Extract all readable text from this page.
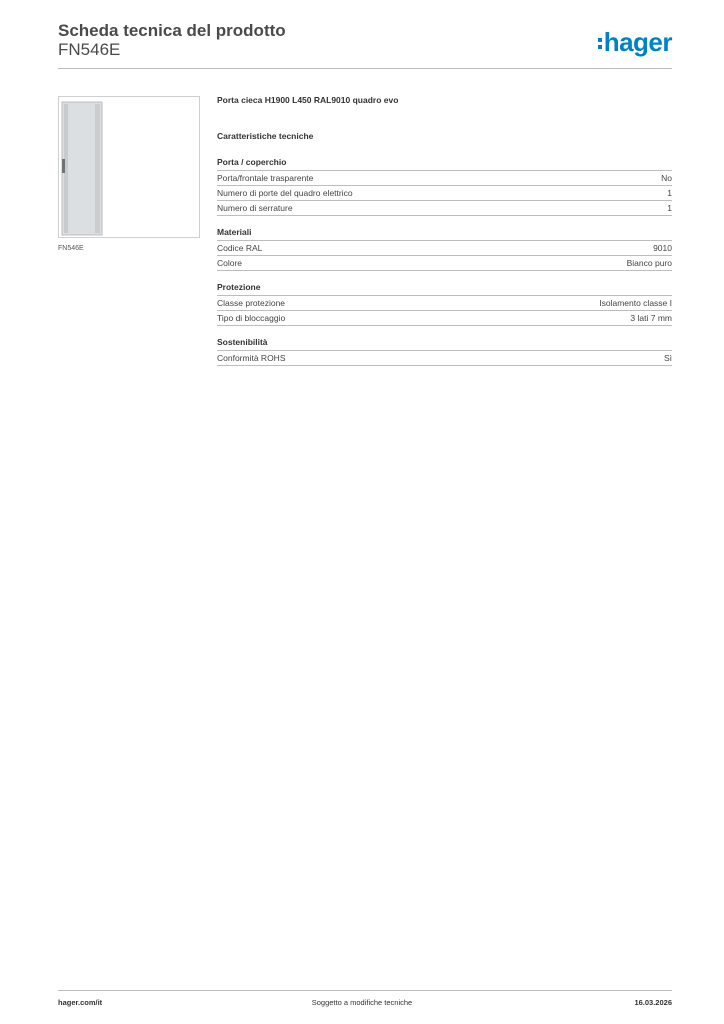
Scheda tecnica del prodotto
FN546E	hager
FN546E
Porta cieca H1900 L450 RAL9010 quadro evo
Caratteristiche tecniche
Porta / coperchio
Porta/frontale trasparente	No
Numero di porte del quadro elettrico	1
Numero di serrature	1
Materiali
Codice RAL	9010
Colore	Bianco puro
Protezione
Classe protezione	Isolamento classe I
Tipo di bloccaggio	3 lati 7 mm
Sostenibilità
Conformità ROHS	Sì
hager.com/it	Soggetto a modifiche tecniche	16.03.2026
